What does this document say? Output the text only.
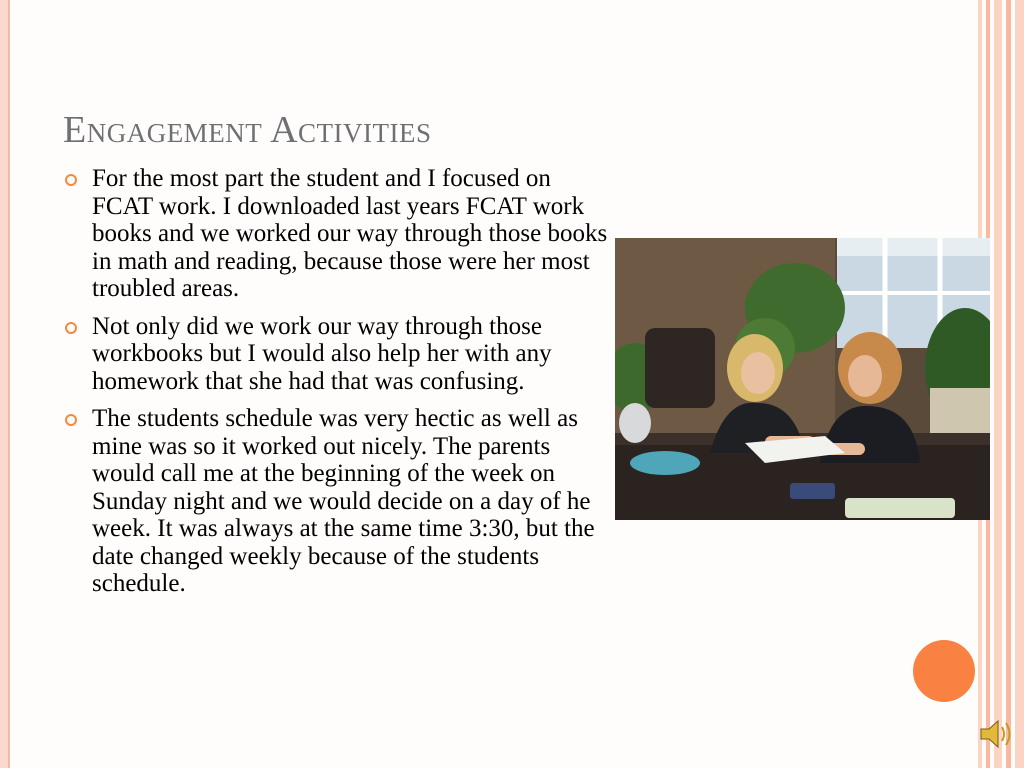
Engagement Activities

For the most part the student and I focused on FCAT work. I downloaded last years FCAT work books and we worked our way through those books in math and reading, because those were her most troubled areas.

Not only did we work our way through those workbooks but I would also help her with any homework that she had that was confusing.

The students schedule was very hectic as well as mine was so it worked out nicely. The parents would call me at the beginning of the week on Sunday night and we would decide on a day of he week. It was always at the same time 3:30, but the date changed weekly because of the students schedule.
